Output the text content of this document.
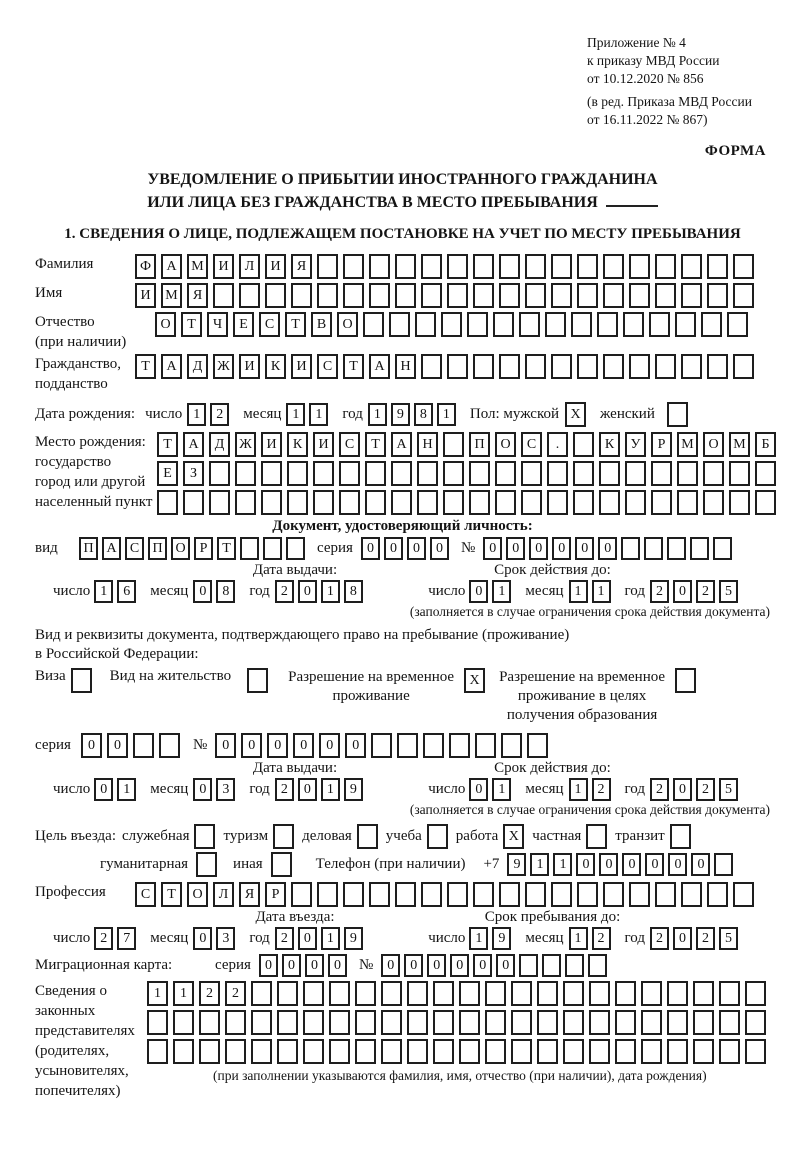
Приложение № 4
к приказу МВД России
от 10.12.2020 № 856
(в ред. Приказа МВД России
от 16.11.2022 № 867)
ФОРМА
УВЕДОМЛЕНИЕ О ПРИБЫТИИ ИНОСТРАННОГО ГРАЖДАНИНА
ИЛИ ЛИЦА БЕЗ ГРАЖДАНСТВА В МЕСТО ПРЕБЫВАНИЯ
1. СВЕДЕНИЯ О ЛИЦЕ, ПОДЛЕЖАЩЕМ ПОСТАНОВКЕ НА УЧЕТ ПО МЕСТУ ПРЕБЫВАНИЯ
Фамилия	Ф	А	М	И	Л	И	Я
Имя	И	М	Я
Отчество
(при наличии)
О	Т	Ч	Е	С	Т	В	О
Гражданство,
подданство
Т	А	Д	Ж	И	К	И	С	Т	А	Н
Дата рождения: число 1	2	месяц 1	1	год 1	9	8	1	Пол: мужской X	женский
Место рождения:
государство
город или другой
населенный пункт
Т	А	Д	Ж	И	К	И	С	Т	А	Н	П	О	С	.	К	У	Р	М	О	М	Б
Е	З
Документ, удостоверяющий личность:
вид	П А С П О	Р	Т	серия	0	0	0	0	№	0	0	0	0	0	0
Дата выдачи:	Срок действия до:
число 1	6	месяц 0	8	год 2	0	1	8	число 0	1	месяц 1	1	год 2	0	2	5
(заполняется в случае ограничения срока действия документа)
Вид и реквизиты документа, подтверждающего право на пребывание (проживание)
в Российской Федерации:
Виза	Вид на жительство	Разрешение на временное
проживание
X	Разрешение на временное
проживание в целях
получения образования
серия	0	0	№	0	0	0	0	0	0
Дата выдачи:	Срок действия до:
число 0	1	месяц 0	3	год 2	0	1	9	число 0	1	месяц 1	2	год 2	0	2	5
(заполняется в случае ограничения срока действия документа)
Цель въезда: служебная туризм деловая учеба работа X частная транзит
гуманитарная	иная	Телефон (при наличии) +7	9	1	1	0	0	0	0	0	0
Профессия	С	Т	О	Л	Я	Р
Дата въезда:	Срок пребывания до:
число 2	7	месяц 0	3	год 2	0	1	9	число 1	9	месяц 1	2	год 2	0	2	5
Миграционная карта:	серия	0	0	0	0	№	0	0	0	0	0	0
Сведения о
законных
представителях
(родителях,
усыновителях,
попечителях)
1	1	2	2
(при заполнении указываются фамилия, имя, отчество (при наличии), дата рождения)
